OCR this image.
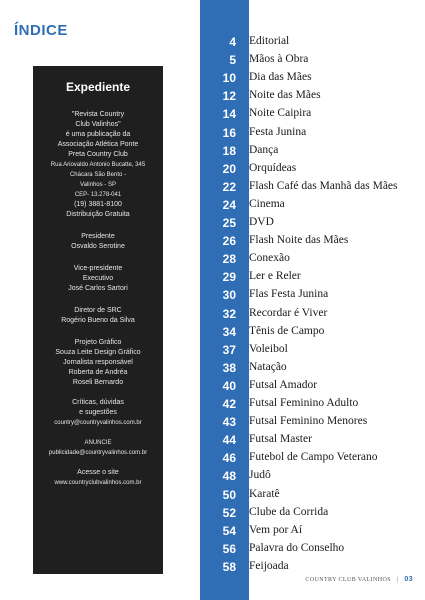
ÍNDICE
Expediente
"Revista Country
Club Valinhos"
é uma publicação da
Associação Atlética Ponte
Preta Country Club
Rua Ariovaldo Antonio Bucatte, 345
Chácara São Bento -
Valinhos - SP
CEP- 13.278-041
(19) 3881-8100
Distribuição Gratuita
Presidente
Osvaldo Serotine
Vice-presidente
Executivo
José Carlos Sartori
Diretor de SRC
Rogério Bueno da Silva
Projeto Gráfico
Souza Leite Design Gráfico
Jornalista responsável
Roberta de Andréa
Roseli Bernardo
Críticas, dúvidas
e sugestões
country@countryvalinhos.com.br
ANUNCIE
publicidade@countryvalinhos.com.br
Acesse o site
www.countryclubvalinhos.com.br
4 Editorial
5 Mãos à Obra
10 Dia das Mães
12 Noite das Mães
14 Noite Caipira
16 Festa Junina
18 Dança
20 Orquídeas
22 Flash Café das Manhã das Mães
24 Cinema
25 DVD
26 Flash Noite das Mães
28 Conexão
29 Ler e Reler
30 Flas Festa Junina
32 Recordar é Viver
34 Tênis de Campo
37 Voleibol
38 Natação
40 Futsal Amador
42 Futsal Feminino Adulto
43 Futsal Feminino Menores
44 Futsal Master
46 Futebol de Campo Veterano
48 Judô
50 Karatê
52 Clube da Corrida
54 Vem por Aí
56 Palavra do Conselho
58 Feijoada
COUNTRY CLUB VALINHOS | 03
